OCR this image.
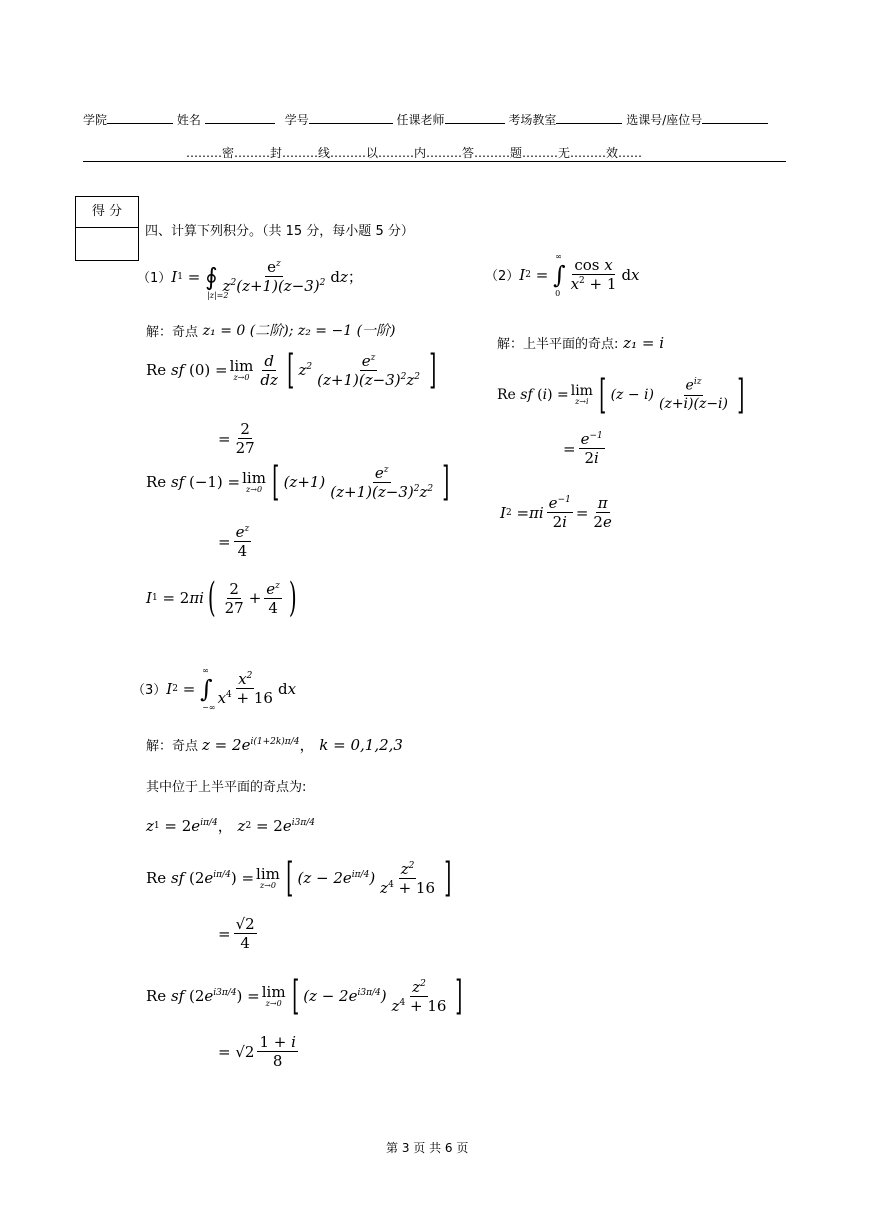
学院	姓名	学号	任课老师	考场教室	选课号/座位号
………密………封………线………以………内………答………题………无………效……
得 分
四、计算下列积分。（共 15 分，每小题 5 分）
（1） I 1 = ∮
|z|=2
$\frac{e^z}{z^2(z+1)(z-3)^2}$ dz；
解：奇点
z₁ = 0 (二阶); z₂ = −1 (一阶)
Re sf (0) = lim
$z\to 0 \frac{d}{dz}$ [ $z^2 \frac{e^z}{(z+1)(z-3)^2z^2}$ ]
= $\frac{2}{27}$
Re sf (−1) = lim
z→0 [ $(z+1) \frac{e^z}{(z+1)(z-3)^2z^2}$ ]
= $\frac{e^z}{4}$
I 1 = 2 πi ( $\frac{2}{27} + \frac{e^z}{4}$ )
（2） I 2 = ∫
∞
$0 \frac{\text{cos x}}{x^2 + 1}$ dx
解：上半平面的奇点:
z₁ = i
Re sf (i) = lim
z→i [ $(z - i) \frac{e^{iz}}{(z+i)(z-i)}$ ]
= $\frac{e^{-1}}{2i}$
I 2 = πi $\frac{e^{-1}}{2i} = \frac{\pi}{2e}$
（3） I 2 = ∫
∞
−∞ $\frac{x^2}{x^4 + 16}$ dx
解：奇点 $z = 2e^{i(1+2k)\pi/4}$ ， k = 0,1,2,3
其中位于上半平面的奇点为:
z 1 = 2 $e^{i\pi/4}$ ， z 2 = 2 $e^{i3\pi/4}$
Re sf $(2e^{i\pi/4}) = \lim$
z→0 [ $(z - 2e^{i\pi/4}) \frac{z^2}{z^4 + 16}$ ]
= $\frac{√2}{4}$
Re sf $(2e^{i3\pi/4}) = \lim$
z→0 [ $(z - 2e^{i3\pi/4}) \frac{z^2}{z^4 + 16}$ ]
= $√2 \frac{1 + i}{8}$
第 3 页 共 6 页
